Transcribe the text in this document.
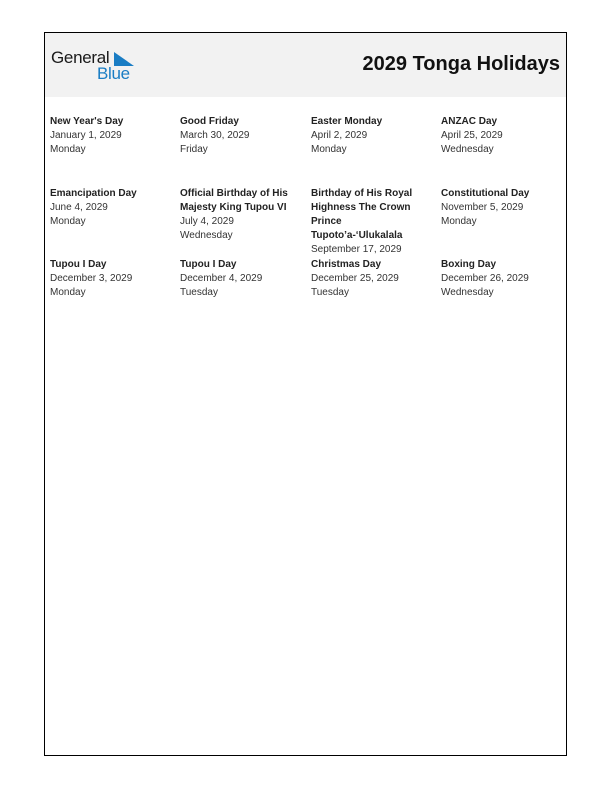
General
Blue	2029 Tonga Holidays
New Year's Day
January 1, 2029
Monday
Good Friday
March 30, 2029
Friday
Easter Monday
April 2, 2029
Monday
ANZAC Day
April 25, 2029
Wednesday
Emancipation Day
June 4, 2029
Monday
Official Birthday of His Majesty King Tupou VI
July 4, 2029
Wednesday
Birthday of His Royal Highness The Crown Prince Tupoto’a-‘Ulukalala
September 17, 2029
Constitutional Day
November 5, 2029
Monday
Tupou I Day
December 3, 2029
Monday
Tupou I Day
December 4, 2029
Tuesday
Christmas Day
December 25, 2029
Tuesday
Boxing Day
December 26, 2029
Wednesday
